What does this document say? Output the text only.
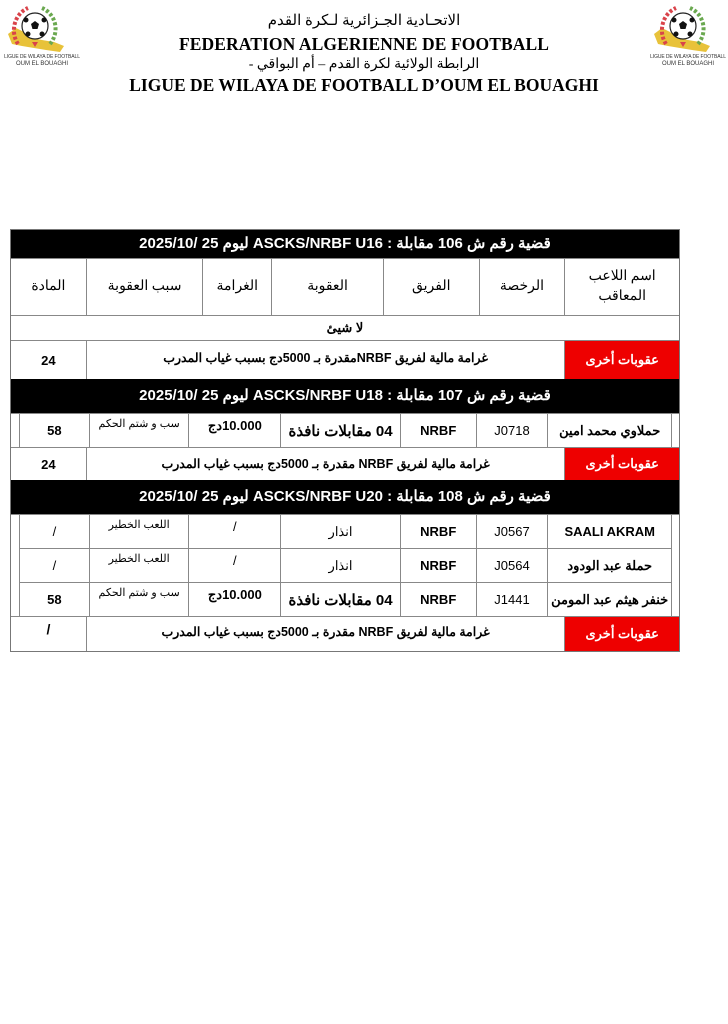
LIGUE DE WILAYA DE FOOTBALL
OUM EL BOUAGHI
LIGUE DE WILAYA DE FOOTBALL
OUM EL BOUAGHI
الاتحـادية الجـزائرية لـكرة القدم
FEDERATION ALGERIENNE DE FOOTBALL
الرابطة الولائية لكرة القدم – أم البواقي -
LIGUE DE WILAYA DE FOOTBALL D’OUM EL BOUAGHI
قضية رقم ش 106 مقابلة : ASCKS/NRBF U16 ليوم 25 /2025/10
اسم اللاعب المعاقب
الرخصة
الفريق
العقوبة
الغرامة
سبب العقوبة
المادة
لا شيئ
عقوبات أخرى
غرامة مالية لفريق NRBFمقدرة بـ 5000دج بسبب غياب المدرب
24
قضية رقم ش 107 مقابلة : ASCKS/NRBF U18 ليوم 25 /2025/10
حملاوي محمد امين
J0718
NRBF
04 مقابلات نافذة
10.000دج
سب و شتم الحكم
58
عقوبات أخرى
غرامة مالية لفريق NRBF مقدرة بـ 5000دج بسبب غياب المدرب
24
قضية رقم ش 108 مقابلة : ASCKS/NRBF U20 ليوم 25 /2025/10
SAALI AKRAM
J0567
NRBF
انذار
/
اللعب الخطير
/
حملة عبد الودود
J0564
NRBF
انذار
/
اللعب الخطير
/
خنفر هيثم عبد المومن
J1441
NRBF
04 مقابلات نافذة
10.000دج
سب و شتم الحكم
58
عقوبات أخرى
غرامة مالية لفريق NRBF مقدرة بـ 5000دج بسبب غياب المدرب
/
